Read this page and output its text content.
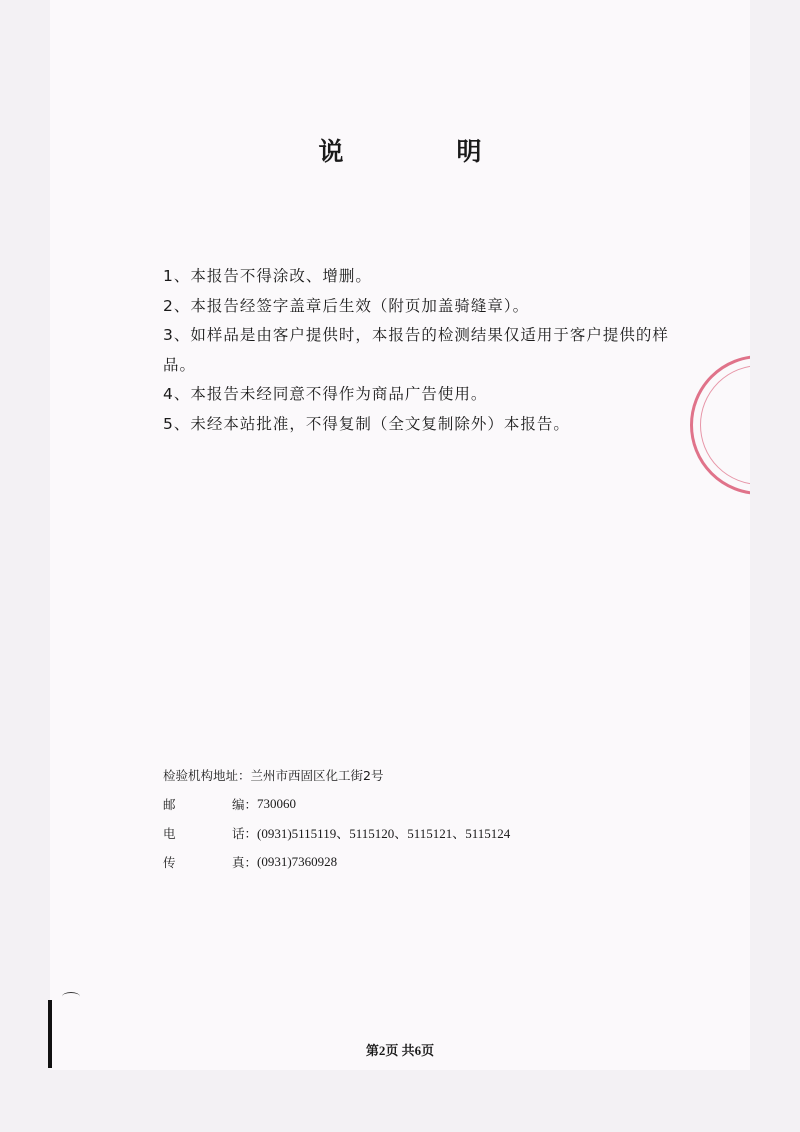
说　明
1、本报告不得涂改、增删。
2、本报告经签字盖章后生效（附页加盖骑缝章）。
3、如样品是由客户提供时，本报告的检测结果仅适用于客户提供的样品。
4、本报告未经同意不得作为商品广告使用。
5、未经本站批准，不得复制（全文复制除外）本报告。
检验机构地址： 兰州市西固区化工街2号
邮	编： 730060
电	话： (0931)5115119、5115120、5115121、5115124
传	真： (0931)7360928
第2页 共6页
